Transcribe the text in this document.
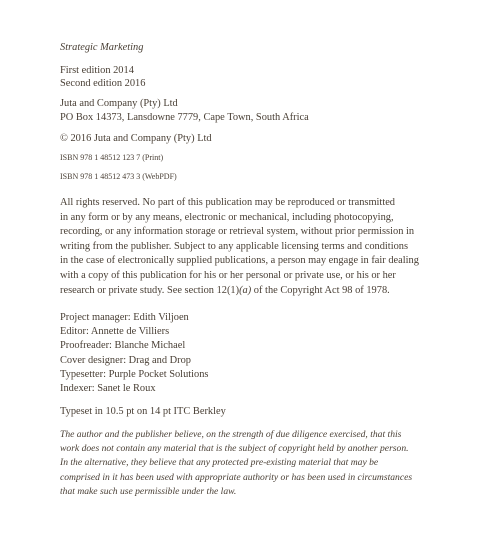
Strategic Marketing

First edition 2014
Second edition 2016

Juta and Company (Pty) Ltd
PO Box 14373, Lansdowne 7779, Cape Town, South Africa

© 2016 Juta and Company (Pty) Ltd

ISBN 978 1 48512 123 7 (Print)

ISBN 978 1 48512 473 3 (WebPDF)

All rights reserved. No part of this publication may be reproduced or transmitted
in any form or by any means, electronic or mechanical, including photocopying,
recording, or any information storage or retrieval system, without prior permission in
writing from the publisher. Subject to any applicable licensing terms and conditions
in the case of electronically supplied publications, a person may engage in fair dealing
with a copy of this publication for his or her personal or private use, or his or her
research or private study. See section 12(1)(a) of the Copyright Act 98 of 1978.

Project manager: Edith Viljoen
Editor: Annette de Villiers
Proofreader: Blanche Michael
Cover designer: Drag and Drop
Typesetter: Purple Pocket Solutions
Indexer: Sanet le Roux

Typeset in 10.5 pt on 14 pt ITC Berkley

The author and the publisher believe, on the strength of due diligence exercised, that this
work does not contain any material that is the subject of copyright held by another person.
In the alternative, they believe that any protected pre-existing material that may be
comprised in it has been used with appropriate authority or has been used in circumstances
that make such use permissible under the law.
